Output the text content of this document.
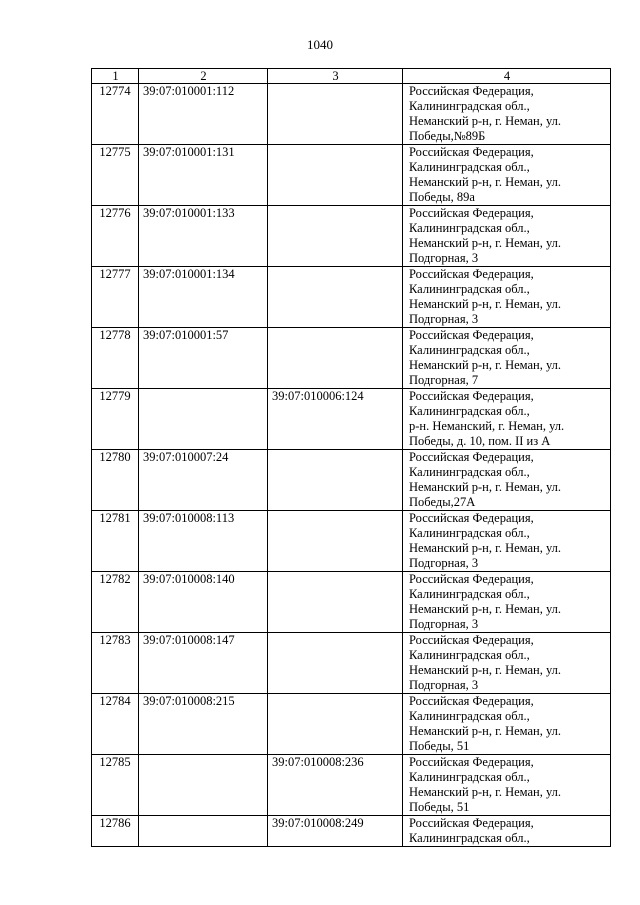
1040
1	2	3	4
12774	39:07:010001:112		Российская Федерация,
Калининградская обл.,
Неманский р-н, г. Неман, ул.
Победы,№89Б

12775	39:07:010001:131		Российская Федерация,
Калининградская обл.,
Неманский р-н, г. Неман, ул.
Победы, 89а

12776	39:07:010001:133		Российская Федерация,
Калининградская обл.,
Неманский р-н, г. Неман, ул.
Подгорная, 3

12777	39:07:010001:134		Российская Федерация,
Калининградская обл.,
Неманский р-н, г. Неман, ул.
Подгорная, 3

12778	39:07:010001:57		Российская Федерация,
Калининградская обл.,
Неманский р-н, г. Неман, ул.
Подгорная, 7

12779		39:07:010006:124	Российская Федерация,
Калининградская обл.,
р-н. Неманский, г. Неман, ул.
Победы, д. 10, пом. II из А

12780	39:07:010007:24		Российская Федерация,
Калининградская обл.,
Неманский р-н, г. Неман, ул.
Победы,27А

12781	39:07:010008:113		Российская Федерация,
Калининградская обл.,
Неманский р-н, г. Неман, ул.
Подгорная, 3

12782	39:07:010008:140		Российская Федерация,
Калининградская обл.,
Неманский р-н, г. Неман, ул.
Подгорная, 3

12783	39:07:010008:147		Российская Федерация,
Калининградская обл.,
Неманский р-н, г. Неман, ул.
Подгорная, 3

12784	39:07:010008:215		Российская Федерация,
Калининградская обл.,
Неманский р-н, г. Неман, ул.
Победы, 51

12785		39:07:010008:236	Российская Федерация,
Калининградская обл.,
Неманский р-н, г. Неман, ул.
Победы, 51

12786		39:07:010008:249	Российская Федерация,
Калининградская обл.,
